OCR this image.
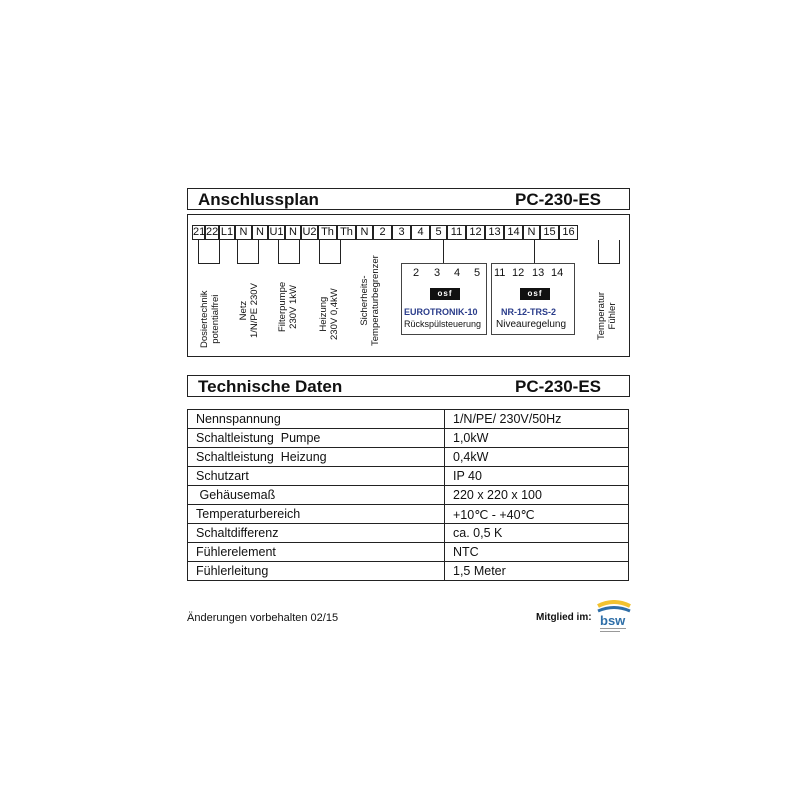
Anschlussplan	PC-230-ES
21 22 L1 N N U1 N U2 Th Th N 2	3	4	5 11 12 13 14 N 15 16
Dosiertechnik
potentialfrei Netz
1/N/PE 230V Filterpumpe
230V 1kW
Heizung
230V 0,4kW Sicherheits-
Temperaturbegrenzer	Temperatur
Fühler
2 3 4 5
osf
EUROTRONIK-10
Rückspülsteuerung
11 12 13 14
osf
NR-12-TRS-2
Niveauregelung
Technische Daten	PC-230-ES
Nennspannung	1/N/PE/ 230V/50Hz
Schaltleistung  Pumpe	1,0kW
Schaltleistung  Heizung	0,4kW
Schutzart	IP 40
Gehäusemaß	220 x 220 x 100
Temperaturbereich	+10℃ - +40℃
Schaltdifferenz	ca. 0,5 K
Fühlerelement	NTC
Fühlerleitung	1,5 Meter
Änderungen vorbehalten 02/15	Mitglied im: bsw
